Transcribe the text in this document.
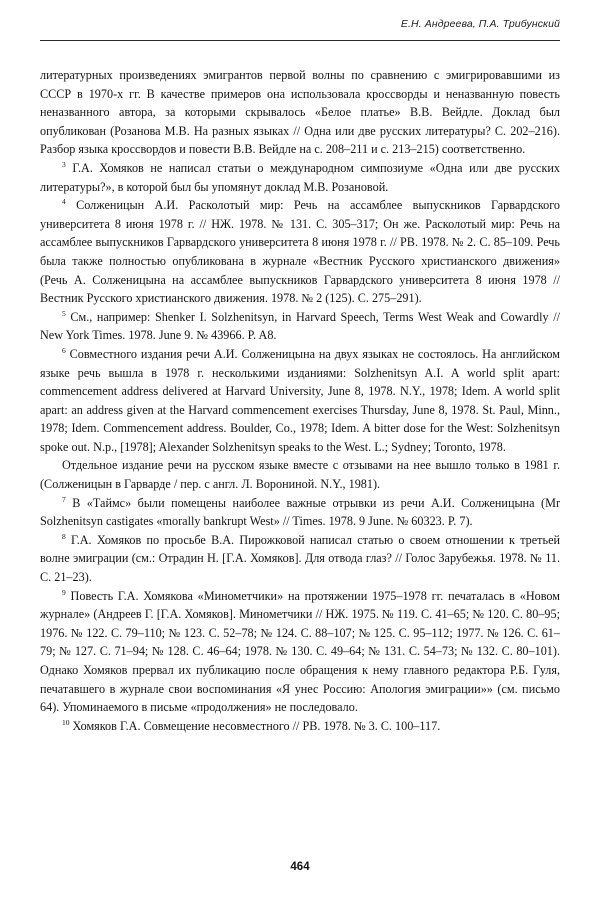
Е.Н. Андреева, П.А. Трибунский

литературных произведениях эмигрантов первой волны по сравнению с эмигрировавшими из СССР в 1970-х гг. В качестве примеров она использовала кроссворды и неназванную повесть неназванного автора, за которыми скрывалось «Белое платье» В.В. Вейдле. Доклад был опубликован (Розанова М.В. На разных языках // Одна или две русских литературы? С. 202–216). Разбор языка кроссвордов и повести В.В. Вейдле на с. 208–211 и с. 213–215) соответственно.

$^3$ Г.А. Хомяков не написал статьи о международном симпозиуме «Одна или две русских литературы?», в которой был бы упомянут доклад М.В. Розановой.

$^4$ Солженицын А.И. Расколотый мир: Речь на ассамблее выпускников Гарвардского университета 8 июня 1978 г. // НЖ. 1978. № 131. С. 305–317; Он же. Расколотый мир: Речь на ассамблее выпускников Гарвардского университета 8 июня 1978 г. // РВ. 1978. № 2. С. 85–109. Речь была также полностью опубликована в журнале «Вестник Русского христианского движения» (Речь А. Солженицына на ассамблее выпускников Гарвардского университета 8 июня 1978 // Вестник Русского христианского движения. 1978. № 2 (125). С. 275–291).

$^5$ См., например: Shenker I. Solzhenitsyn, in Harvard Speech, Terms West Weak and Cowardly // New York Times. 1978. June 9. № 43966. P. A8.

$^6$ Совместного издания речи А.И. Солженицына на двух языках не состоялось. На английском языке речь вышла в 1978 г. несколькими изданиями: Solzhenitsyn A.I. A world split apart: commencement address delivered at Harvard University, June 8, 1978. N.Y., 1978; Idem. A world split apart: an address given at the Harvard commencement exercises Thursday, June 8, 1978. St. Paul, Minn., 1978; Idem. Commencement address. Boulder, Co., 1978; Idem. A bitter dose for the West: Solzhenitsyn spoke out. N.p., [1978]; Alexander Solzhenitsyn speaks to the West. L.; Sydney; Toronto, 1978.

Отдельное издание речи на русском языке вместе с отзывами на нее вышло только в 1981 г. (Солженицын в Гарварде / пер. с англ. Л. Ворониной. N.Y., 1981).

$^7$ В «Таймс» были помещены наиболее важные отрывки из речи А.И. Солженицына (Mr Solzhenitsyn castigates «morally bankrupt West» // Times. 1978. 9 June. № 60323. P. 7).

$^8$ Г.А. Хомяков по просьбе В.А. Пирожковой написал статью о своем отношении к третьей волне эмиграции (см.: Отрадин Н. [Г.А. Хомяков]. Для отвода глаз? // Голос Зарубежья. 1978. № 11. С. 21–23).

$^9$ Повесть Г.А. Хомякова «Минометчики» на протяжении 1975–1978 гг. печаталась в «Новом журнале» (Андреев Г. [Г.А. Хомяков]. Минометчики // НЖ. 1975. № 119. С. 41–65; № 120. С. 80–95; 1976. № 122. С. 79–110; № 123. С. 52–78; № 124. С. 88–107; № 125. С. 95–112; 1977. № 126. С. 61–79; № 127. С. 71–94; № 128. С. 46–64; 1978. № 130. С. 49–64; № 131. С. 54–73; № 132. С. 80–101). Однако Хомяков прервал их публикацию после обращения к нему главного редактора Р.Б. Гуля, печатавшего в журнале свои воспоминания «Я унес Россию: Апология эмиграции»» (см. письмо 64). Упоминаемого в письме «продолжения» не последовало.

$^{10}$ Хомяков Г.А. Совмещение несовместного // РВ. 1978. № 3. С. 100–117.

464
